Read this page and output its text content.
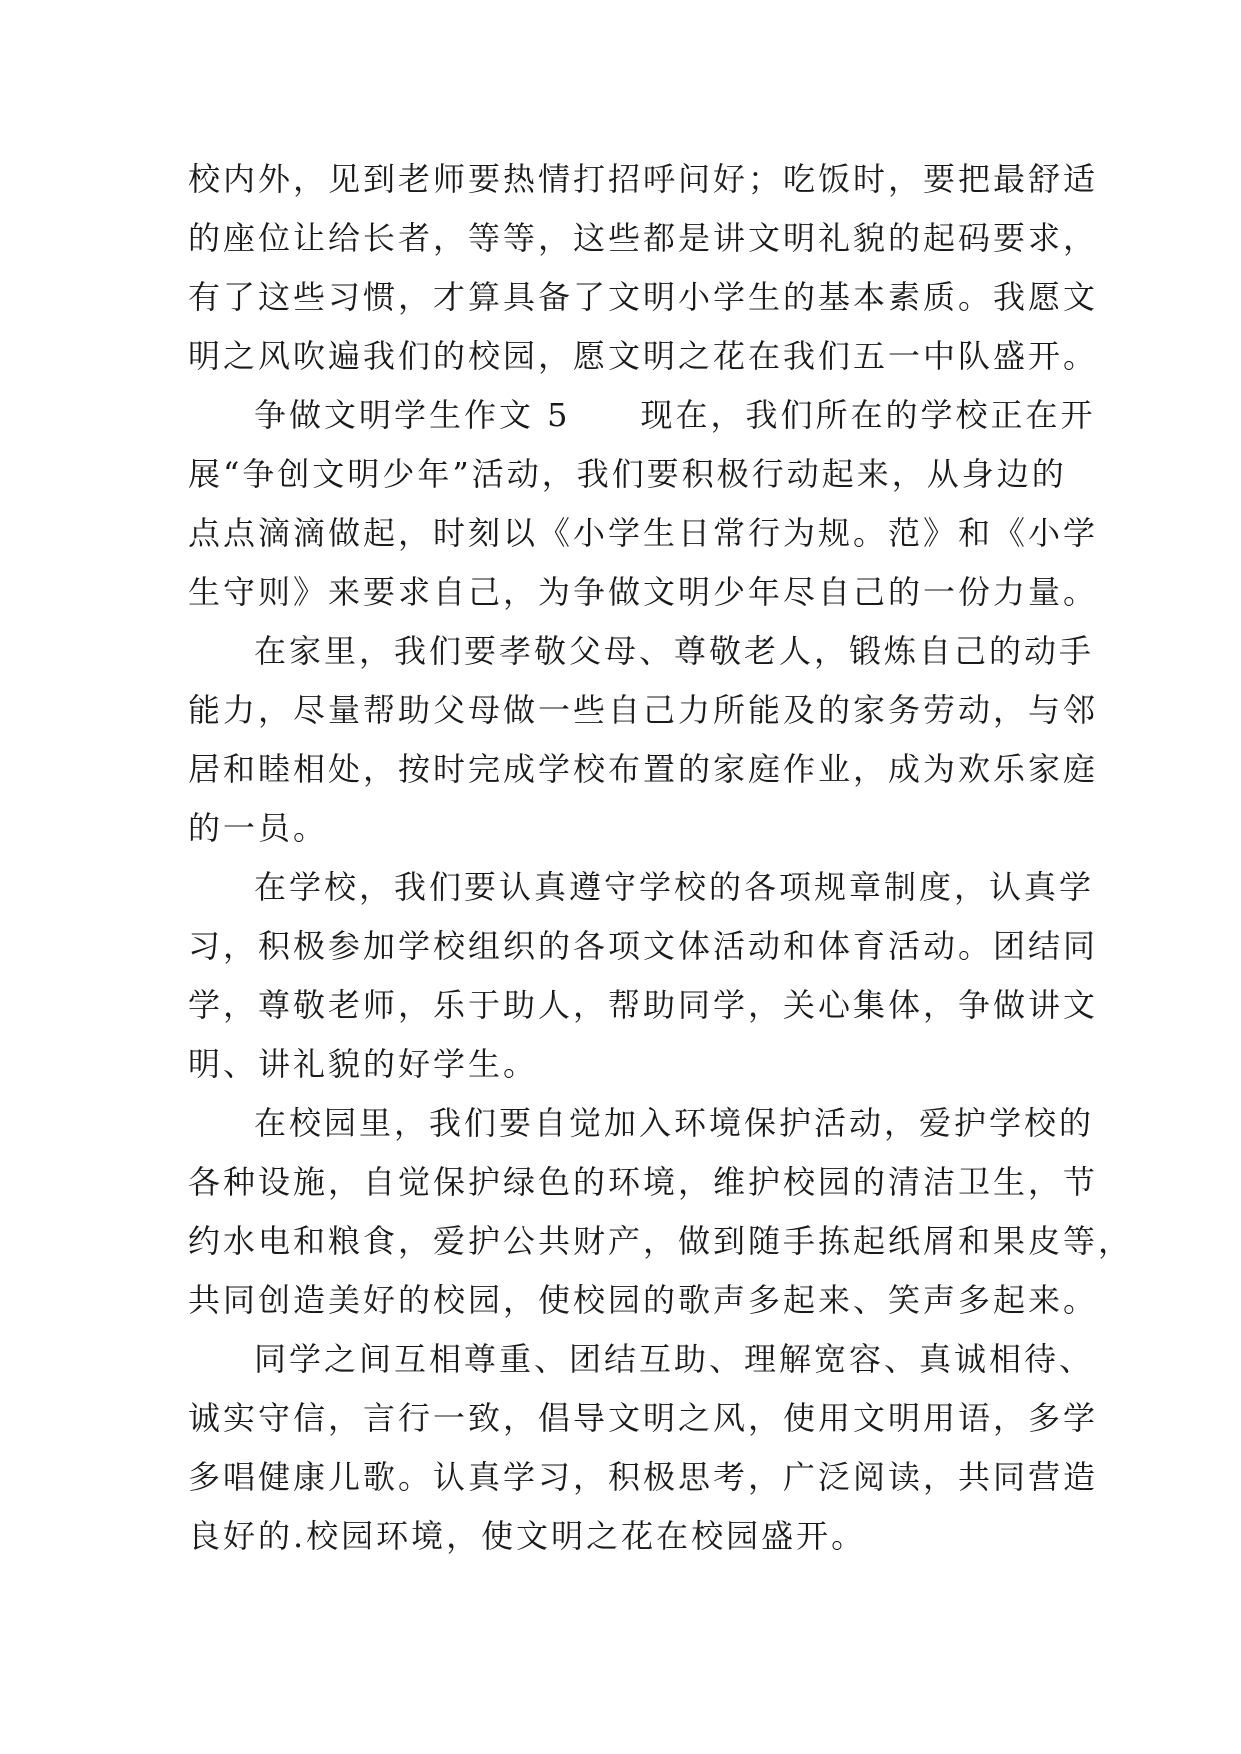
校内外，见到老师要热情打招呼问好；吃饭时，要把最舒适
的座位让给长者，等等，这些都是讲文明礼貌的起码要求，
有了这些习惯，才算具备了文明小学生的基本素质。我愿文
明之风吹遍我们的校园，愿文明之花在我们五一中队盛开。
争做文明学生作文 5　　现在，我们所在的学校正在开
展“争创文明少年”活动，我们要积极行动起来，从身边的
点点滴滴做起，时刻以《小学生日常行为规。范》和《小学
生守则》来要求自己，为争做文明少年尽自己的一份力量。
在家里，我们要孝敬父母、尊敬老人，锻炼自己的动手
能力，尽量帮助父母做一些自己力所能及的家务劳动，与邻
居和睦相处，按时完成学校布置的家庭作业，成为欢乐家庭
的一员。
在学校，我们要认真遵守学校的各项规章制度，认真学
习，积极参加学校组织的各项文体活动和体育活动。团结同
学，尊敬老师，乐于助人，帮助同学，关心集体，争做讲文
明、讲礼貌的好学生。
在校园里，我们要自觉加入环境保护活动，爱护学校的
各种设施，自觉保护绿色的环境，维护校园的清洁卫生，节
约水电和粮食，爱护公共财产，做到随手拣起纸屑和果皮等，
共同创造美好的校园，使校园的歌声多起来、笑声多起来。
同学之间互相尊重、团结互助、理解宽容、真诚相待、
诚实守信，言行一致，倡导文明之风，使用文明用语，多学
多唱健康儿歌。认真学习，积极思考，广泛阅读，共同营造
良好的.校园环境，使文明之花在校园盛开。
